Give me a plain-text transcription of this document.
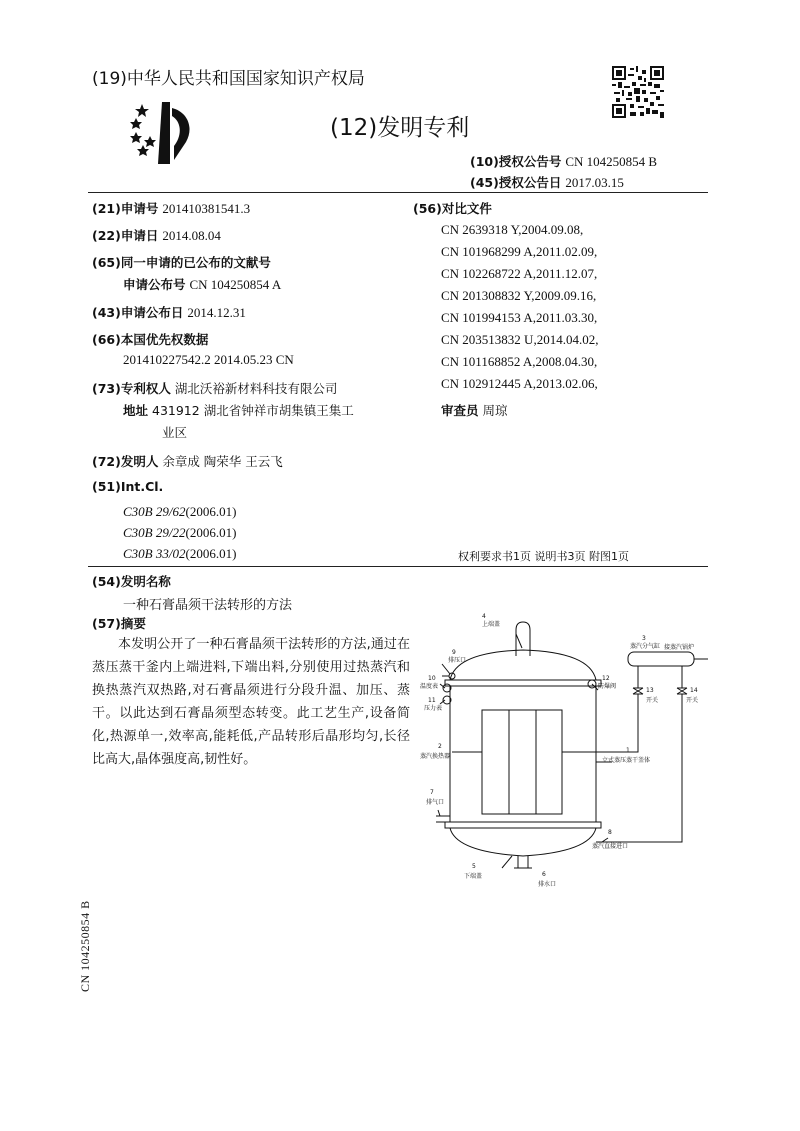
(19)中华人民共和国国家知识产权局
(12)发明专利
(10)授权公告号 CN 104250854 B
(45)授权公告日 2017.03.15
(21)申请号 201410381541.3
(22)申请日 2014.08.04
(65)同一申请的已公布的文献号
申请公布号 CN 104250854 A
(43)申请公布日 2014.12.31
(66)本国优先权数据
201410227542.2 2014.05.23 CN
(73)专利权人 湖北沃裕新材料科技有限公司
地址 431912 湖北省钟祥市胡集镇王集工
业区
(72)发明人 余章成 陶荣华 王云飞
(51)Int.Cl.
C30B 29/62(2006.01)
C30B 29/22(2006.01)
C30B 33/02(2006.01)
(56)对比文件
CN 2639318 Y,2004.09.08,
CN 101968299 A,2011.02.09,
CN 102268722 A,2011.12.07,
CN 201308832 Y,2009.09.16,
CN 101994153 A,2011.03.30,
CN 203513832 U,2014.04.02,
CN 101168852 A,2008.04.30,
CN 102912445 A,2013.02.06,
审查员 周琼
权利要求书1页 说明书3页 附图1页
(54)发明名称
一种石膏晶须干法转形的方法
(57)摘要
本发明公开了一种石膏晶须干法转形的方法,通过在蒸压蒸干釜内上端进料,下端出料,分别使用过热蒸汽和换热蒸汽双热路,对石膏晶须进行分段升温、加压、蒸干。以此达到石膏晶须型态转变。此工艺生产,设备简化,热源单一,效率高,能耗低,产品转形后晶形均匀,长径比高大,晶体强度高,韧性好。
CN 104250854 B
4
上端盖
3
蒸汽分气缸 接蒸汽锅炉
9
排压口
10
温度表
11
压力表
12
防爆阀
13
开关
14
开关
2
蒸汽换热器
1
立式蒸压蒸干釜体
7
排气口
8
蒸汽直接进口
5
下端盖	6
排水口
